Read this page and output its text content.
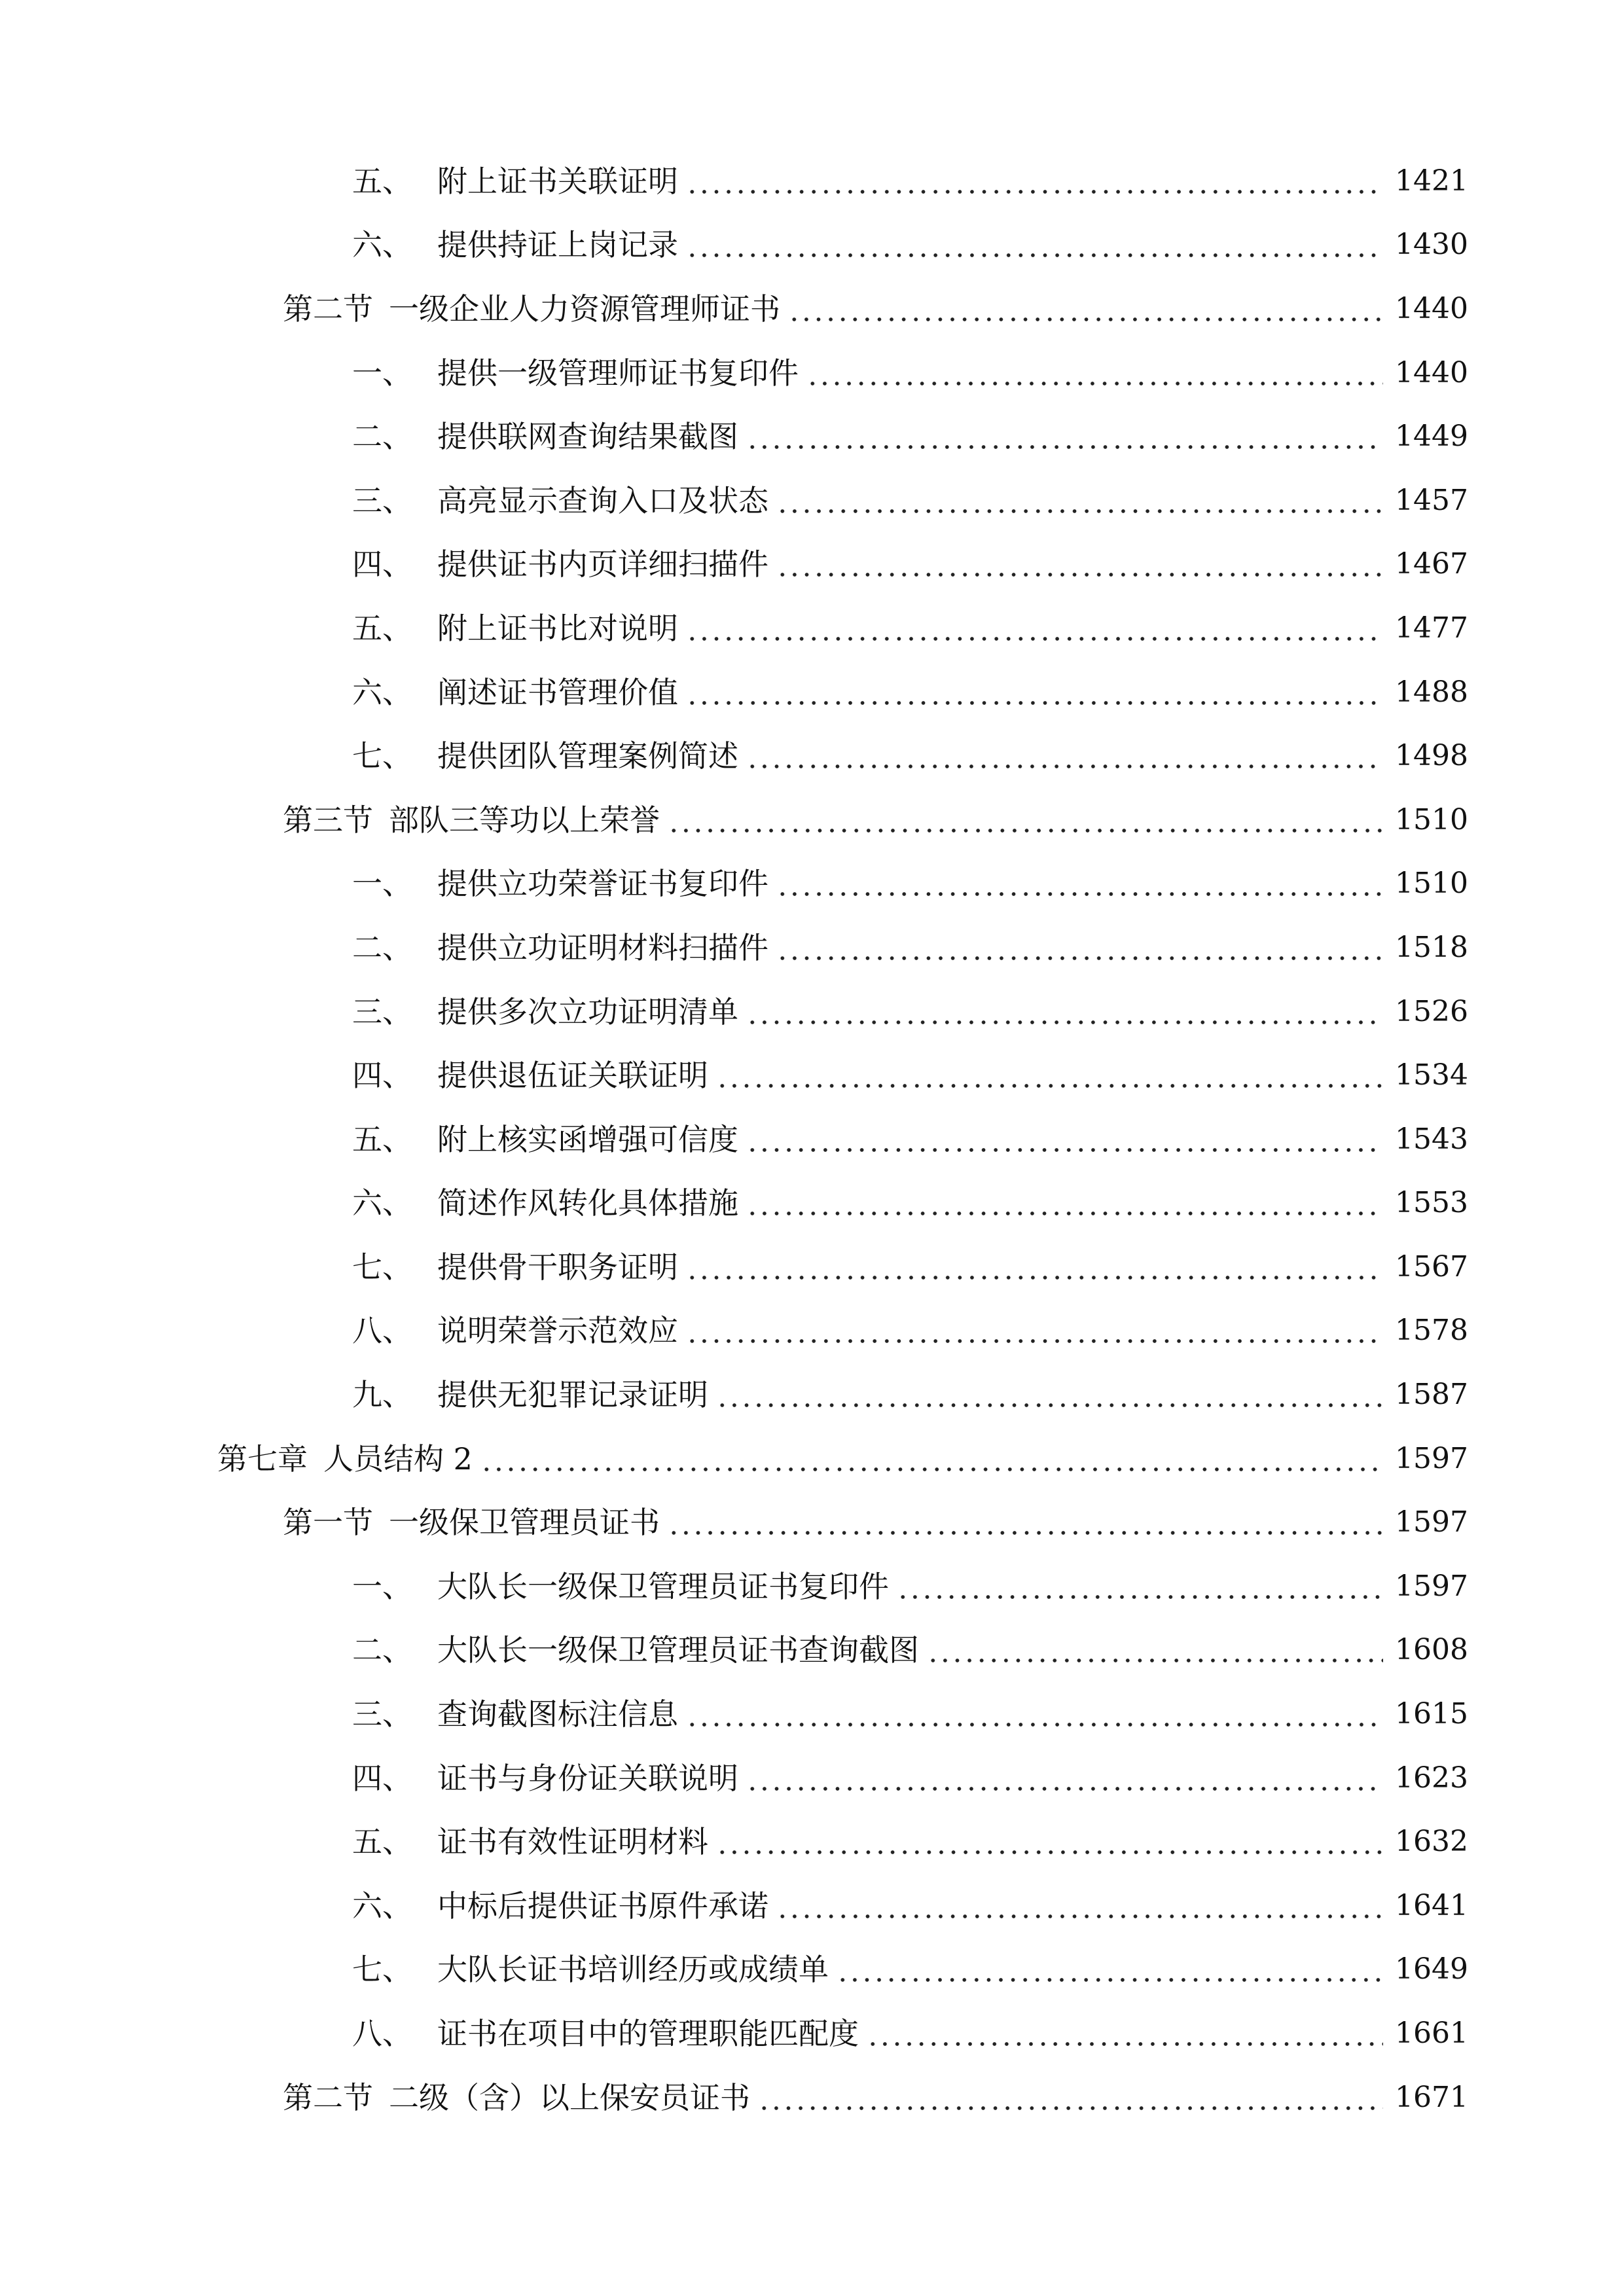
五、 附上证书关联证明	1421
六、 提供持证上岗记录	1430
第二节 一级企业人力资源管理师证书	1440
一、 提供一级管理师证书复印件	1440
二、 提供联网查询结果截图	1449
三、 高亮显示查询入口及状态	1457
四、 提供证书内页详细扫描件	1467
五、 附上证书比对说明	1477
六、 阐述证书管理价值	1488
七、 提供团队管理案例简述	1498
第三节 部队三等功以上荣誉	1510
一、 提供立功荣誉证书复印件	1510
二、 提供立功证明材料扫描件	1518
三、 提供多次立功证明清单	1526
四、 提供退伍证关联证明	1534
五、 附上核实函增强可信度	1543
六、 简述作风转化具体措施	1553
七、 提供骨干职务证明	1567
八、 说明荣誉示范效应	1578
九、 提供无犯罪记录证明	1587
第七章 人员结构 2	1597
第一节 一级保卫管理员证书	1597
一、 大队长一级保卫管理员证书复印件	1597
二、 大队长一级保卫管理员证书查询截图	1608
三、 查询截图标注信息	1615
四、 证书与身份证关联说明	1623
五、 证书有效性证明材料	1632
六、 中标后提供证书原件承诺	1641
七、 大队长证书培训经历或成绩单	1649
八、 证书在项目中的管理职能匹配度	1661
第二节 二级（含）以上保安员证书	1671
